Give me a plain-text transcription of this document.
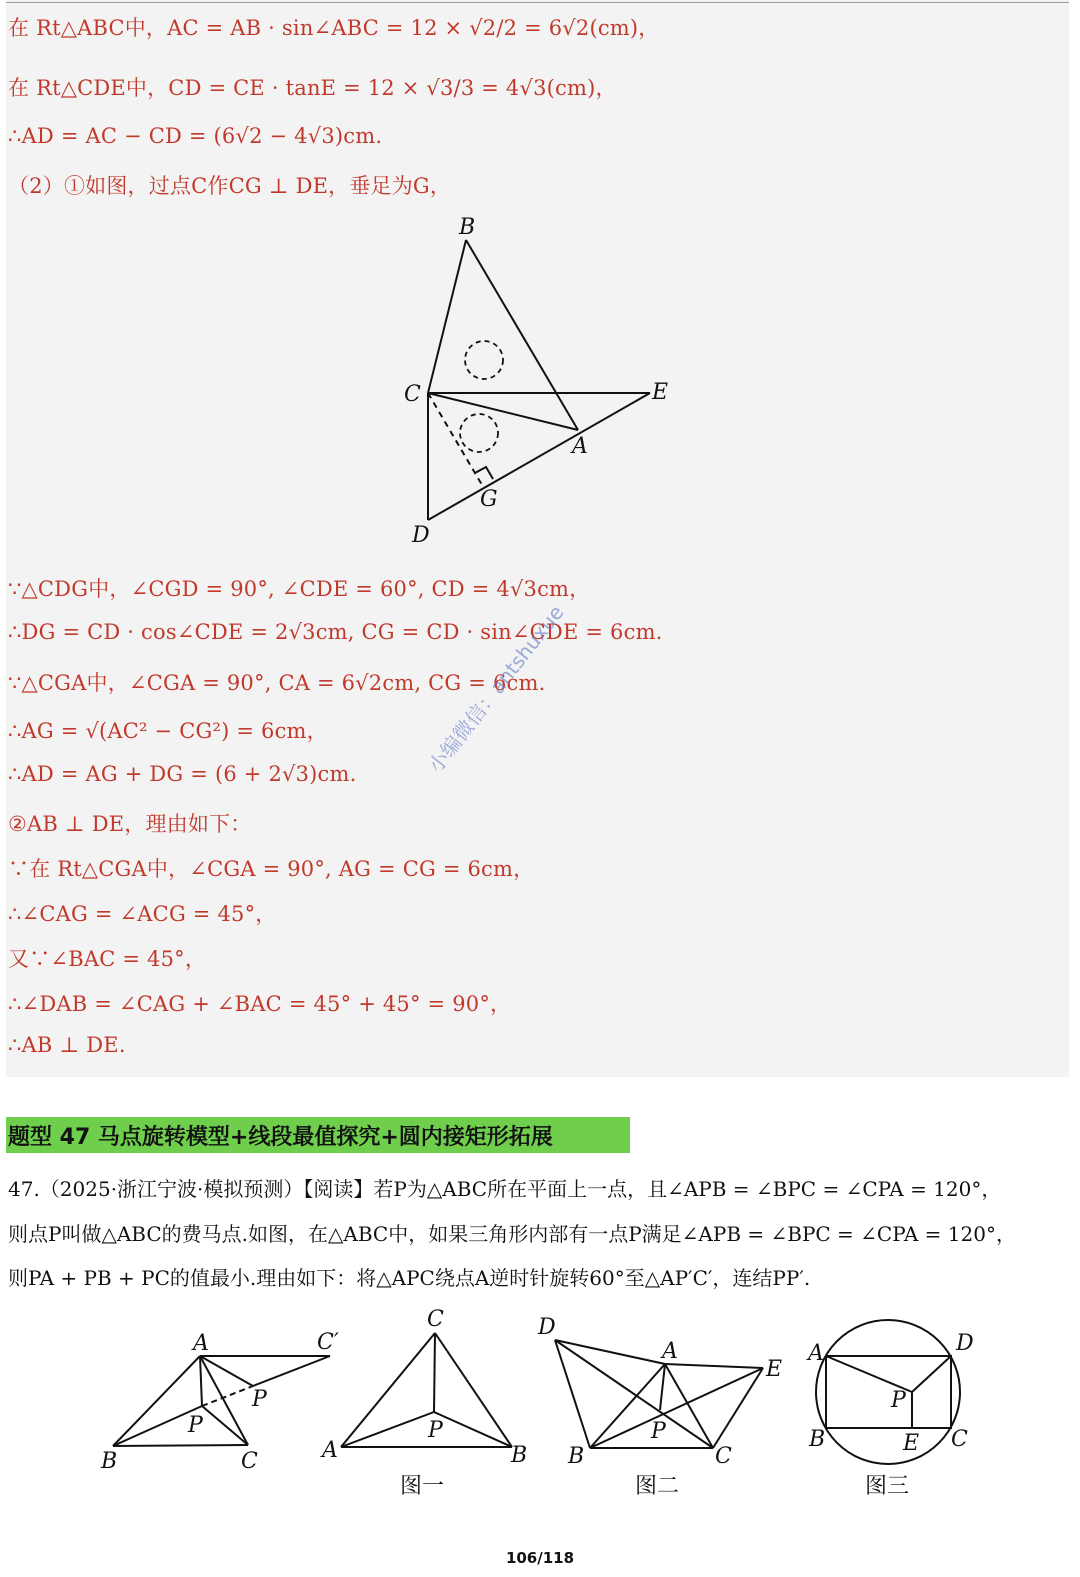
在 Rt△ABC中，AC = AB · sin∠ABC = 12 × √2/2 = 6√2(cm)，
在 Rt△CDE中，CD = CE · tanE = 12 × √3/3 = 4√3(cm)，
∴AD = AC − CD = (6√2 − 4√3)cm.
（2）①如图，过点C作CG ⊥ DE，垂足为G，
B
C	E
A
G
D
∵△CDG中，∠CGD = 90°, ∠CDE = 60°, CD = 4√3cm，
∴DG = CD · cos∠CDE = 2√3cm, CG = CD · sin∠CDE = 6cm.
∵△CGA中，∠CGA = 90°, CA = 6√2cm, CG = 6cm.
∴AG = √(AC² − CG²) = 6cm，
∴AD = AG + DG = (6 + 2√3)cm.
②AB ⊥ DE，理由如下：
∵在 Rt△CGA中，∠CGA = 90°, AG = CG = 6cm，
∴∠CAG = ∠ACG = 45°，
又∵∠BAC = 45°，
∴∠DAB = ∠CAG + ∠BAC = 45° + 45° = 90°，
∴AB ⊥ DE.
小编微信：antshuxue
题型 47 马点旋转模型+线段最值探究+圆内接矩形拓展
47.（2025·浙江宁波·模拟预测）【阅读】若P为△ABC所在平面上一点，且∠APB = ∠BPC = ∠CPA = 120°，
则点P叫做△ABC的费马点.如图，在△ABC中，如果三角形内部有一点P满足∠APB = ∠BPC = ∠CPA = 120°，
则PA + PB + PC的值最小.理由如下：将△APC绕点A逆时针旋转60°至△AP′C′，连结PP′.
A	C′
P
P
B	C
C
P
A	B
图一
D
A
E
P
B	C
图二
A	D
P
B	E C
图三
106/118
